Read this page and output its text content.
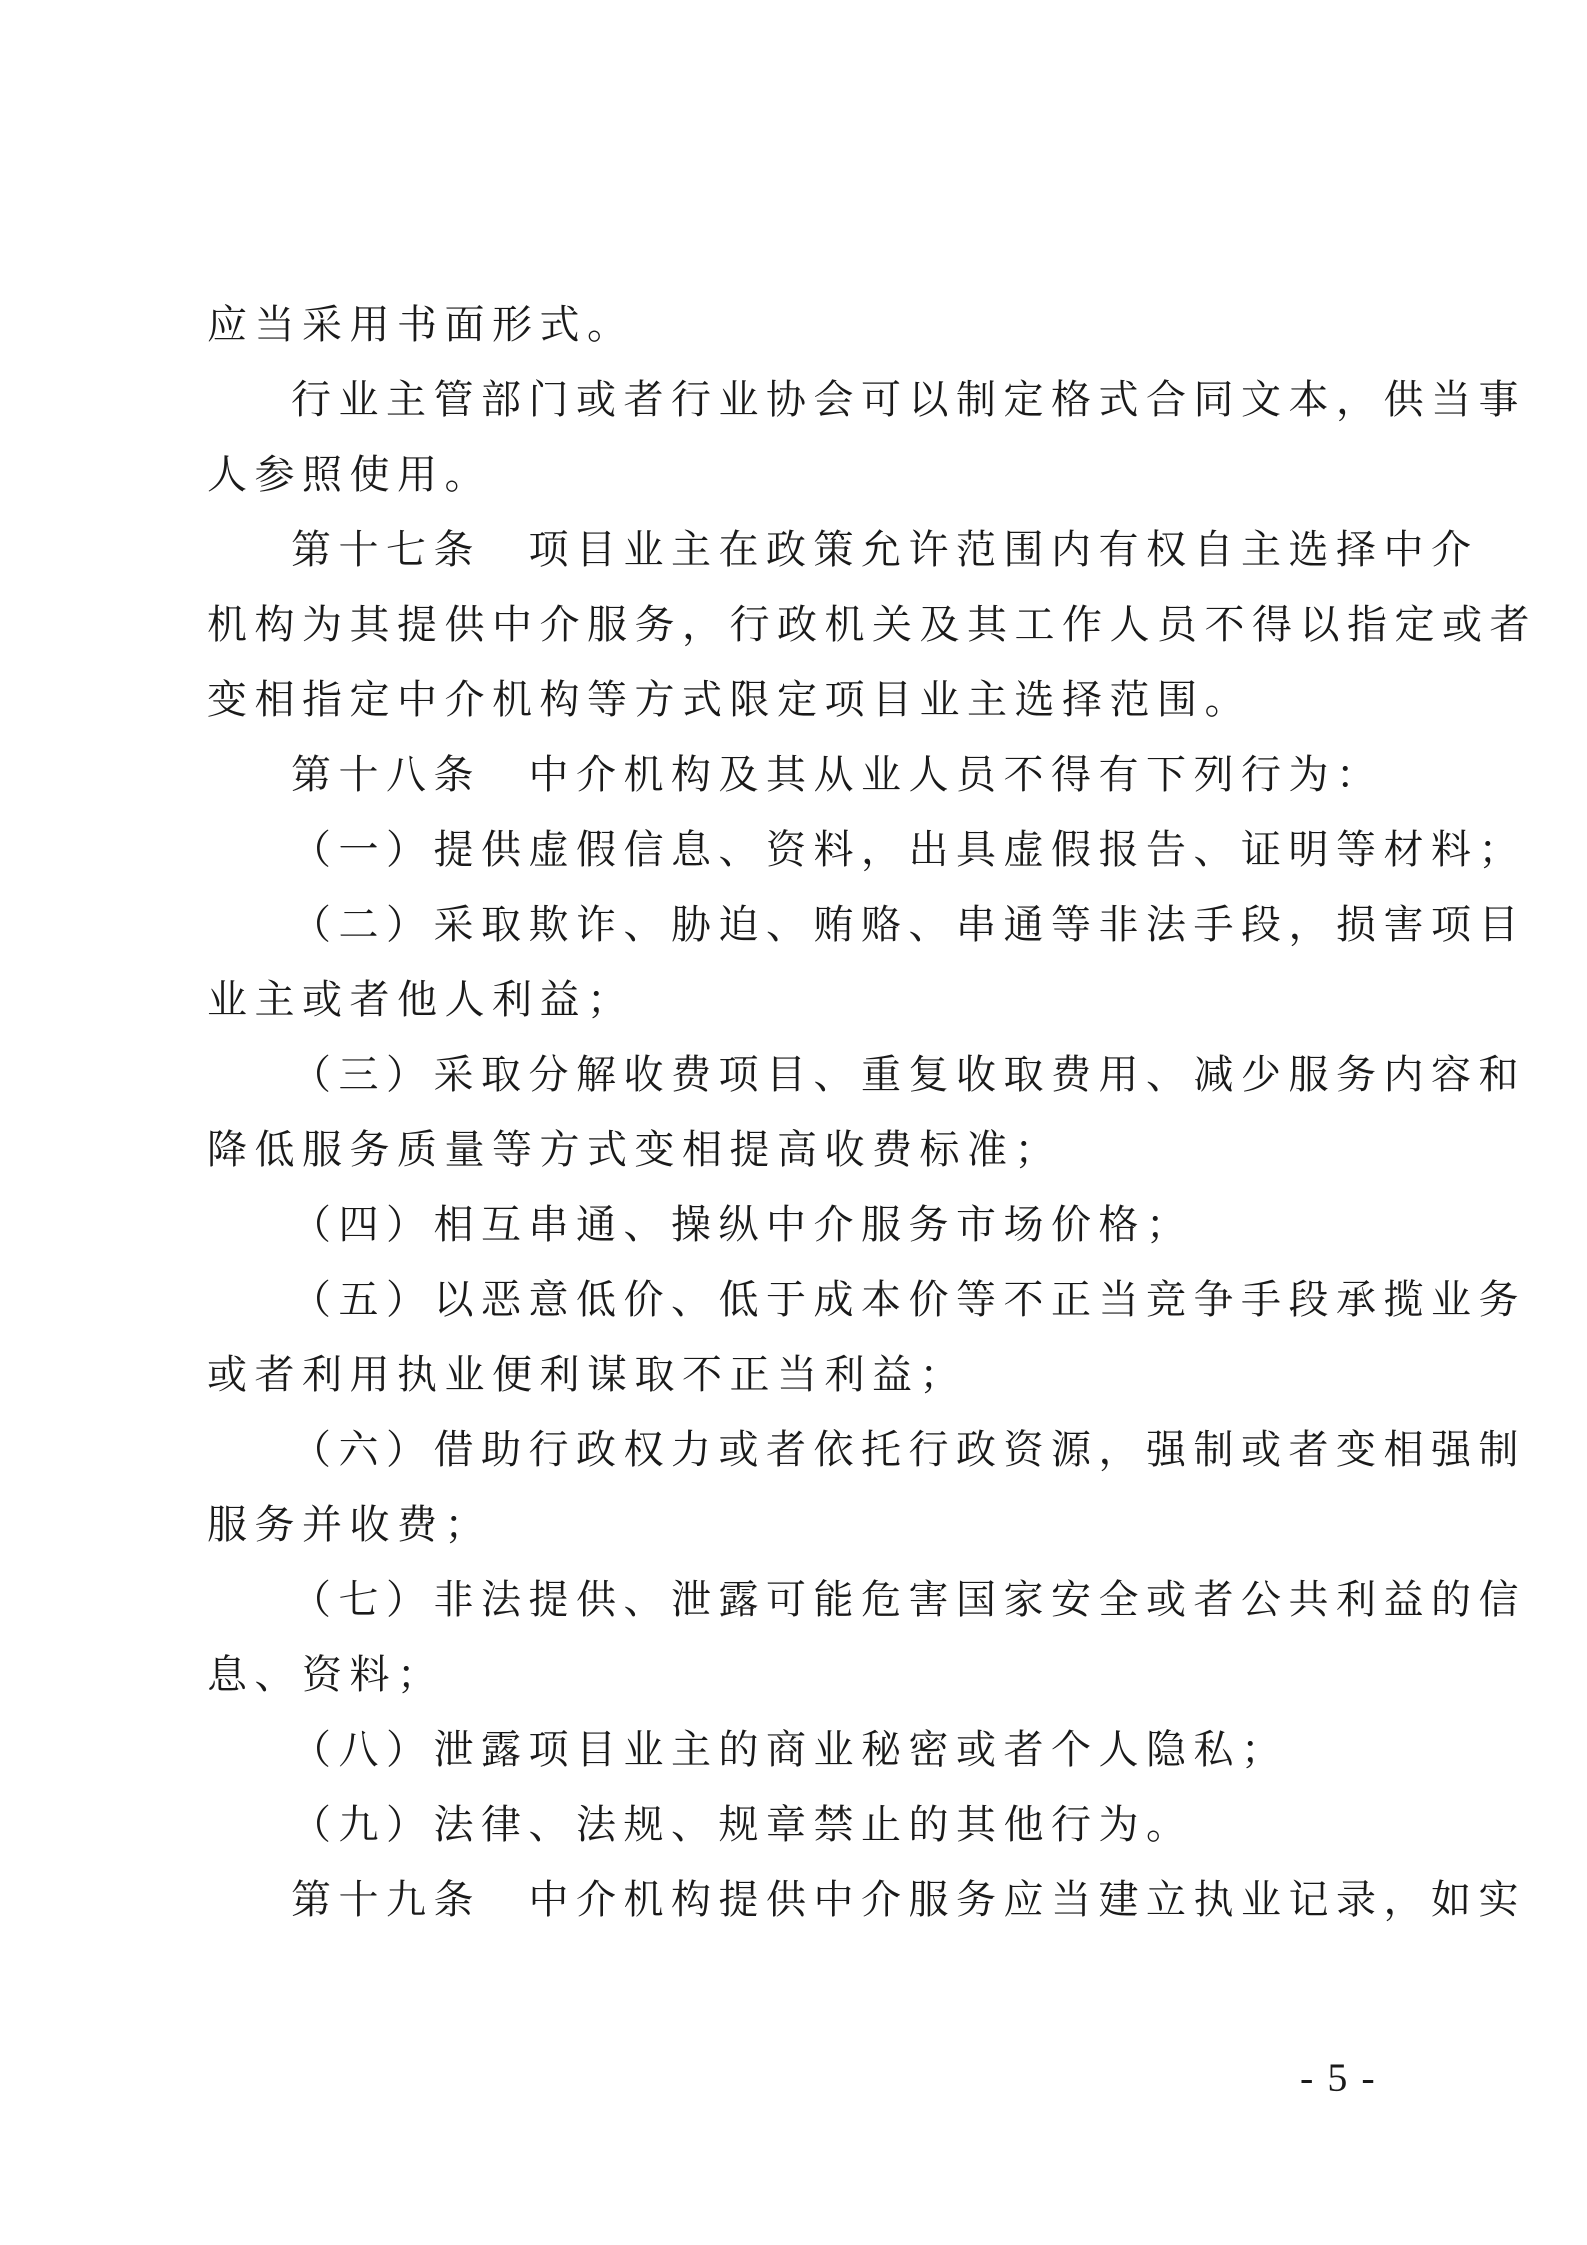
应当采用书面形式。
行业主管部门或者行业协会可以制定格式合同文本，供当事
人参照使用。
第十七条　项目业主在政策允许范围内有权自主选择中介
机构为其提供中介服务，行政机关及其工作人员不得以指定或者
变相指定中介机构等方式限定项目业主选择范围。
第十八条　中介机构及其从业人员不得有下列行为：
（一）提供虚假信息、资料，出具虚假报告、证明等材料；
（二）采取欺诈、胁迫、贿赂、串通等非法手段，损害项目
业主或者他人利益；
（三）采取分解收费项目、重复收取费用、减少服务内容和
降低服务质量等方式变相提高收费标准；
（四）相互串通、操纵中介服务市场价格；
（五）以恶意低价、低于成本价等不正当竞争手段承揽业务
或者利用执业便利谋取不正当利益；
（六）借助行政权力或者依托行政资源，强制或者变相强制
服务并收费；
（七）非法提供、泄露可能危害国家安全或者公共利益的信
息、资料；
（八）泄露项目业主的商业秘密或者个人隐私；
（九）法律、法规、规章禁止的其他行为。
第十九条　中介机构提供中介服务应当建立执业记录，如实
- 5 -
